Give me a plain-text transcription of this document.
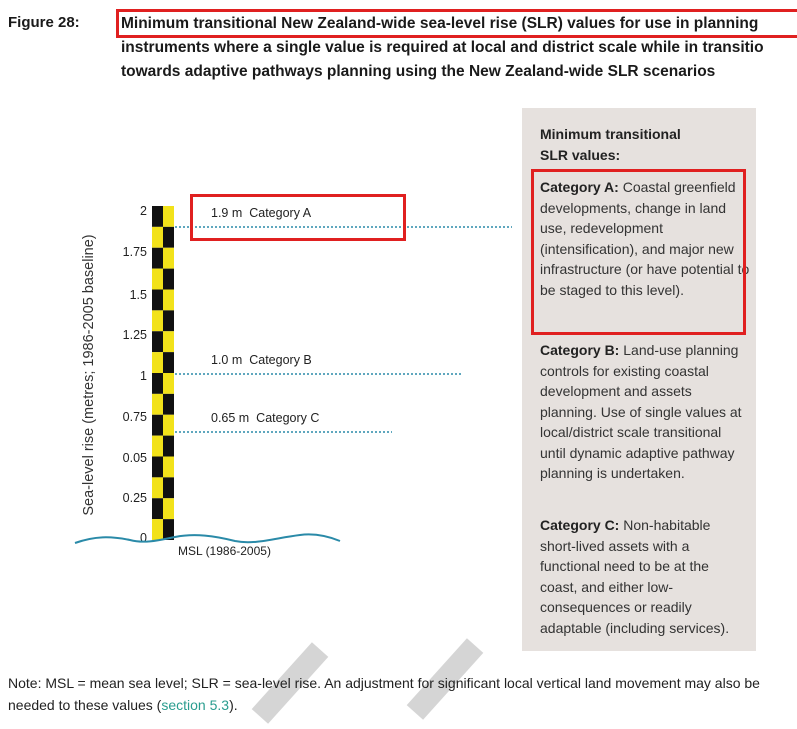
Figure 28:	Minimum transitional New Zealand-wide sea-level rise (SLR) values for use in planning
instruments where a single value is required at local and district scale while in transitio
towards adaptive pathways planning using the New Zealand-wide SLR scenarios
Minimum transitional
SLR values:
Category A: Coastal greenfield developments, change in land use, redevelopment (intensification), and major new infrastructure (or have potential to be staged to this level).
Category B: Land-use planning controls for existing coastal development and assets planning. Use of single values at local/district scale transitional until dynamic adaptive pathway planning is undertaken.
Category C: Non-habitable short-lived assets with a functional need to be at the coast, and either low-consequences or readily adaptable (including services).
Sea-level rise (metres; 1986-2005 baseline)
2
1.75
1.5
1.25
1
0.75
0.05
0.25
0
1.9 m Category A
1.0 m Category B
0.65 m Category C
MSL (1986-2005)
Note: MSL = mean sea level; SLR = sea-level rise. An adjustment for significant local vertical land movement may also be needed to these values (section 5.3).
